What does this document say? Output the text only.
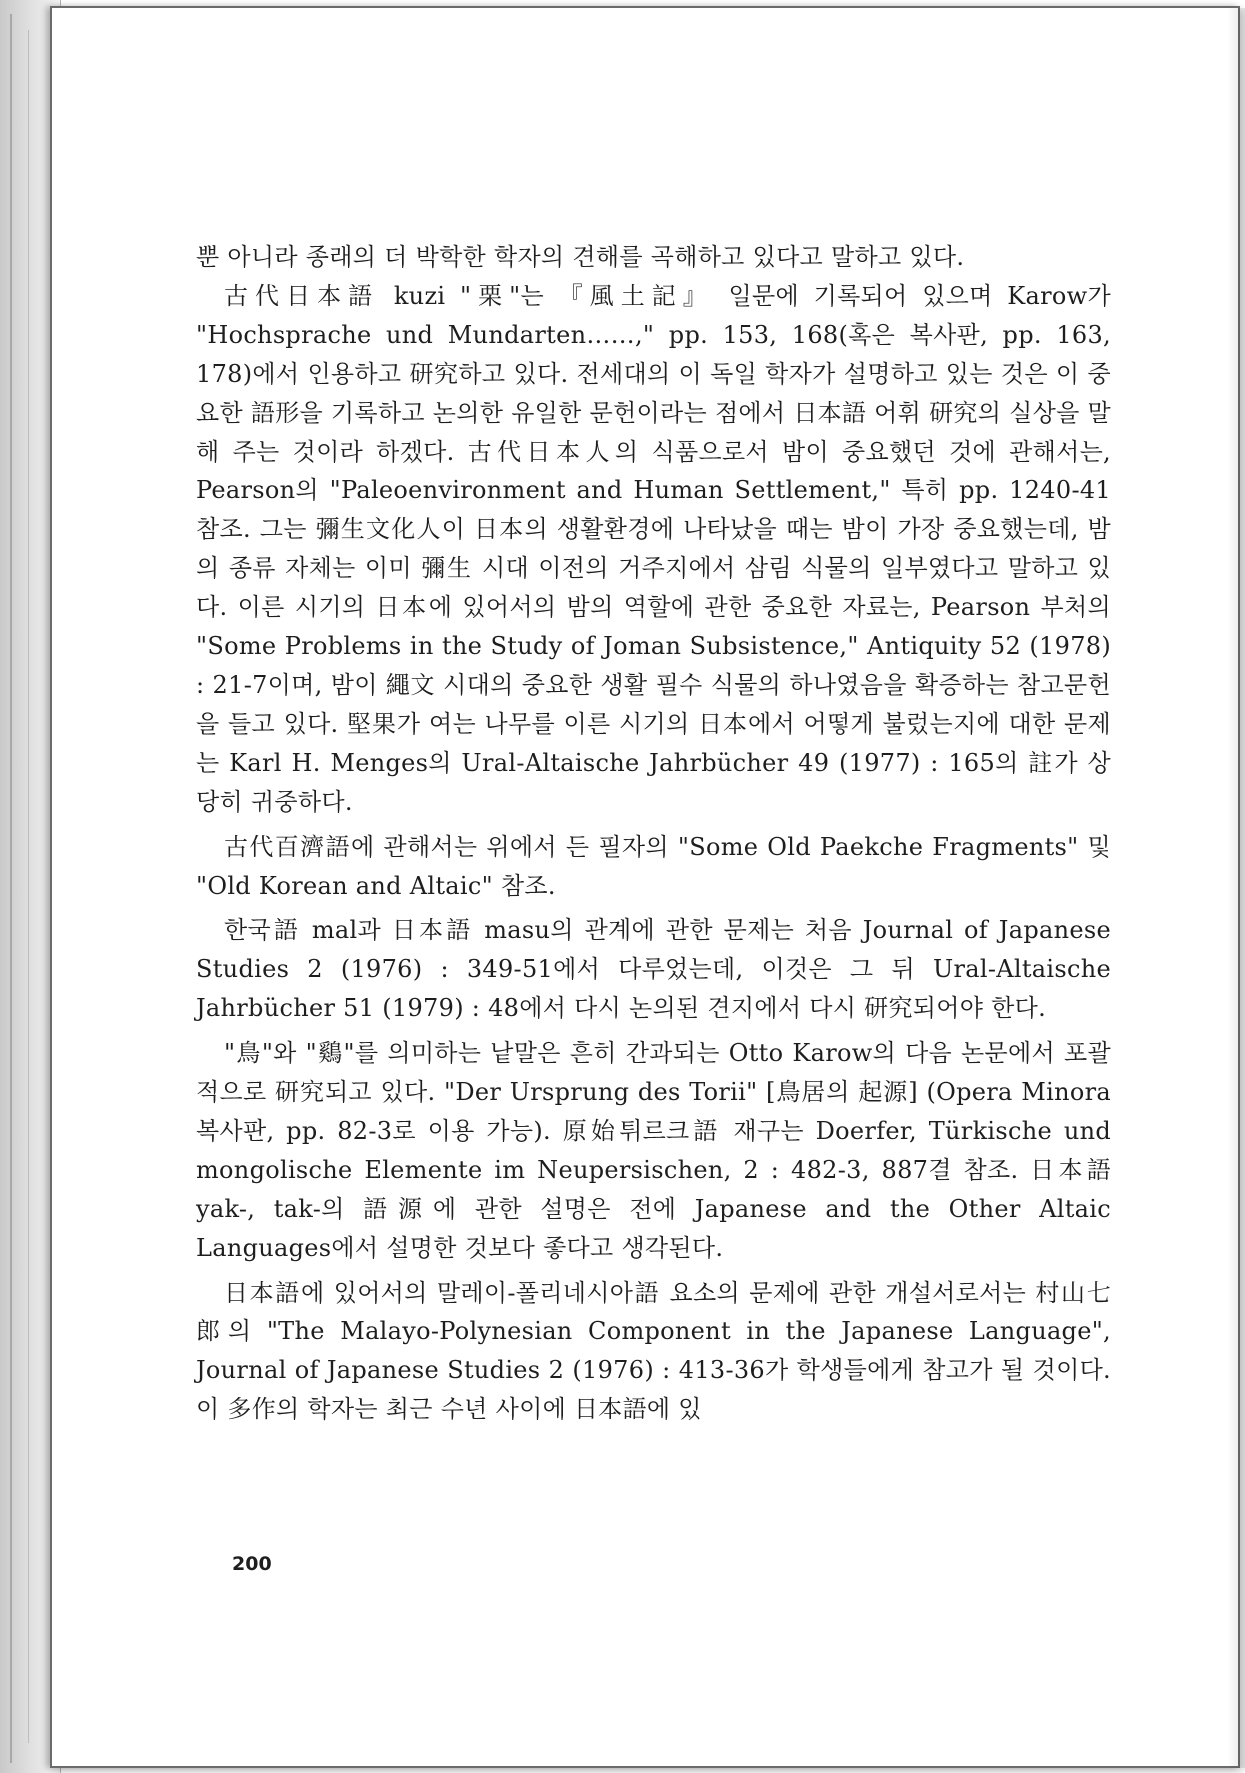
뿐 아니라 종래의 더 박학한 학자의 견해를 곡해하고 있다고 말하고 있다.

古代日本語 kuzi "栗"는 『風土記』 일문에 기록되어 있으며 Karow가 "Hochsprache und Mundarten……," pp. 153, 168(혹은 복사판, pp. 163, 178)에서 인용하고 研究하고 있다. 전세대의 이 독일 학자가 설명하고 있는 것은 이 중요한 語形을 기록하고 논의한 유일한 문헌이라는 점에서 日本語 어휘 研究의 실상을 말해 주는 것이라 하겠다. 古代日本人의 식품으로서 밤이 중요했던 것에 관해서는, Pearson의 "Paleoenvironment and Human Settlement," 특히 pp. 1240-41 참조. 그는 彌生文化人이 日本의 생활환경에 나타났을 때는 밤이 가장 중요했는데, 밤의 종류 자체는 이미 彌生 시대 이전의 거주지에서 삼림 식물의 일부였다고 말하고 있다. 이른 시기의 日本에 있어서의 밤의 역할에 관한 중요한 자료는, Pearson 부처의 "Some Problems in the Study of Joman Subsistence," Antiquity 52 (1978) : 21-7이며, 밤이 繩文 시대의 중요한 생활 필수 식물의 하나였음을 확증하는 참고문헌을 들고 있다. 堅果가 여는 나무를 이른 시기의 日本에서 어떻게 불렀는지에 대한 문제는 Karl H. Menges의 Ural-Altaische Jahrbücher 49 (1977) : 165의 註가 상당히 귀중하다.

古代百濟語에 관해서는 위에서 든 필자의 "Some Old Paekche Fragments" 및 "Old Korean and Altaic" 참조.

한국語 mal과 日本語 masu의 관계에 관한 문제는 처음 Journal of Japanese Studies 2 (1976) : 349-51에서 다루었는데, 이것은 그 뒤 Ural-Altaische Jahrbücher 51 (1979) : 48에서 다시 논의된 견지에서 다시 研究되어야 한다.

"鳥"와 "鷄"를 의미하는 낱말은 흔히 간과되는 Otto Karow의 다음 논문에서 포괄적으로 研究되고 있다. "Der Ursprung des Torii" [鳥居의 起源] (Opera Minora 복사판, pp. 82-3로 이용 가능). 原始튀르크語 재구는 Doerfer, Türkische und mongolische Elemente im Neupersischen, 2 : 482-3, 887결 참조. 日本語 yak-, tak-의 語源에 관한 설명은 전에 Japanese and the Other Altaic Languages에서 설명한 것보다 좋다고 생각된다.

日本語에 있어서의 말레이-폴리네시아語 요소의 문제에 관한 개설서로서는 村山七郎의 "The Malayo-Polynesian Component in the Japanese Language", Journal of Japanese Studies 2 (1976) : 413-36가 학생들에게 참고가 될 것이다. 이 多作의 학자는 최근 수년 사이에 日本語에 있

200
